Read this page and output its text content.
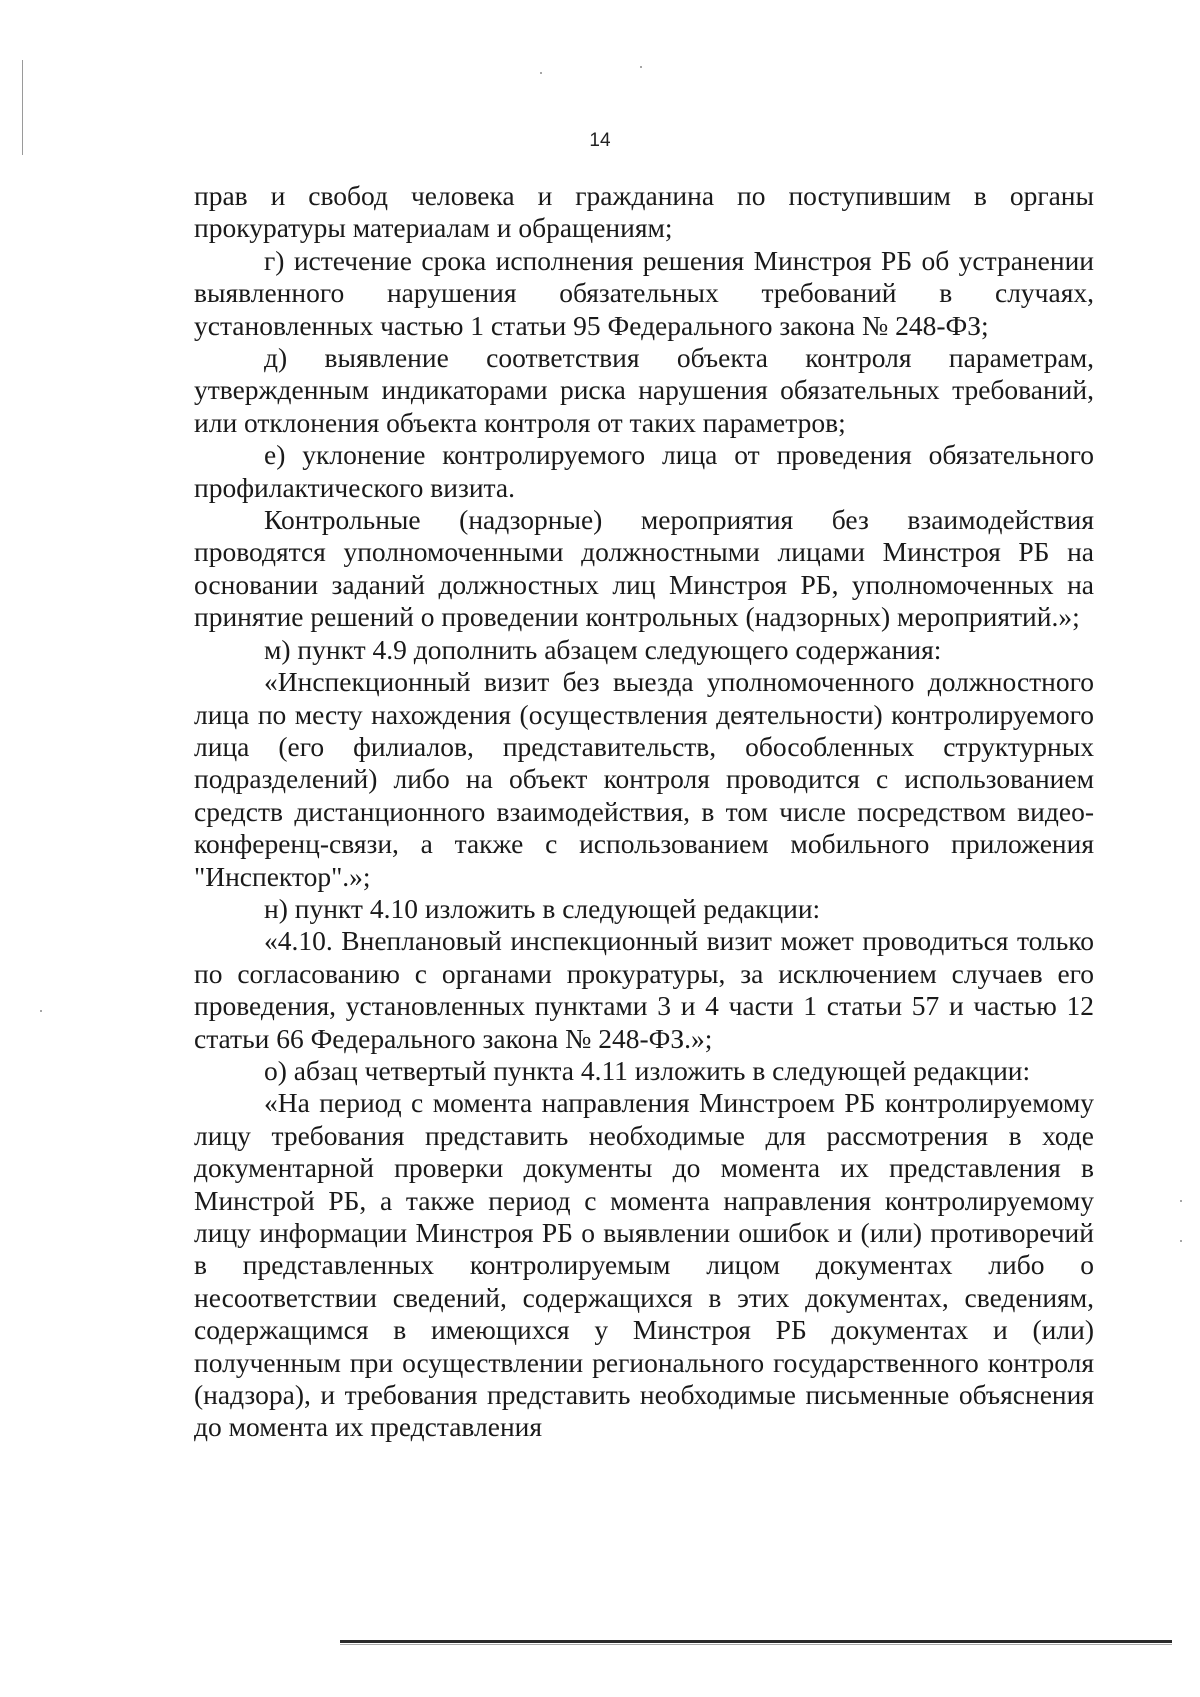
14

прав и свобод человека и гражданина по поступившим в органы прокуратуры материалам и обращениям;

г) истечение срока исполнения решения Минстроя РБ об устранении выявленного нарушения обязательных требований в случаях, установленных частью 1 статьи 95 Федерального закона № 248-ФЗ;

д) выявление соответствия объекта контроля параметрам, утвержденным индикаторами риска нарушения обязательных требований, или отклонения объекта контроля от таких параметров;

е) уклонение контролируемого лица от проведения обязательного профилактического визита.

Контрольные (надзорные) мероприятия без взаимодействия проводятся уполномоченными должностными лицами Минстроя РБ на основании заданий должностных лиц Минстроя РБ, уполномоченных на принятие решений о проведении контрольных (надзорных) мероприятий.»;

м) пункт 4.9 дополнить абзацем следующего содержания:

«Инспекционный визит без выезда уполномоченного должностного лица по месту нахождения (осуществления деятельности) контролируемого лица (его филиалов, представительств, обособленных структурных подразделений) либо на объект контроля проводится с использованием средств дистанционного взаимодействия, в том числе посредством видео-конференц-связи, а также с использованием мобильного приложения "Инспектор".»;

н) пункт 4.10 изложить в следующей редакции:

«4.10. Внеплановый инспекционный визит может проводиться только по согласованию с органами прокуратуры, за исключением случаев его проведения, установленных пунктами 3 и 4 части 1 статьи 57 и частью 12 статьи 66 Федерального закона № 248-ФЗ.»;

о) абзац четвертый пункта 4.11 изложить в следующей редакции:

«На период с момента направления Минстроем РБ контролируемому лицу требования представить необходимые для рассмотрения в ходе документарной проверки документы до момента их представления в Минстрой РБ, а также период с момента направления контролируемому лицу информации Минстроя РБ о выявлении ошибок и (или) противоречий в представленных контролируемым лицом документах либо о несоответствии сведений, содержащихся в этих документах, сведениям, содержащимся в имеющихся у Минстроя РБ документах и (или) полученным при осуществлении регионального государственного контроля (надзора), и требования представить необходимые письменные объяснения до момента их представления
